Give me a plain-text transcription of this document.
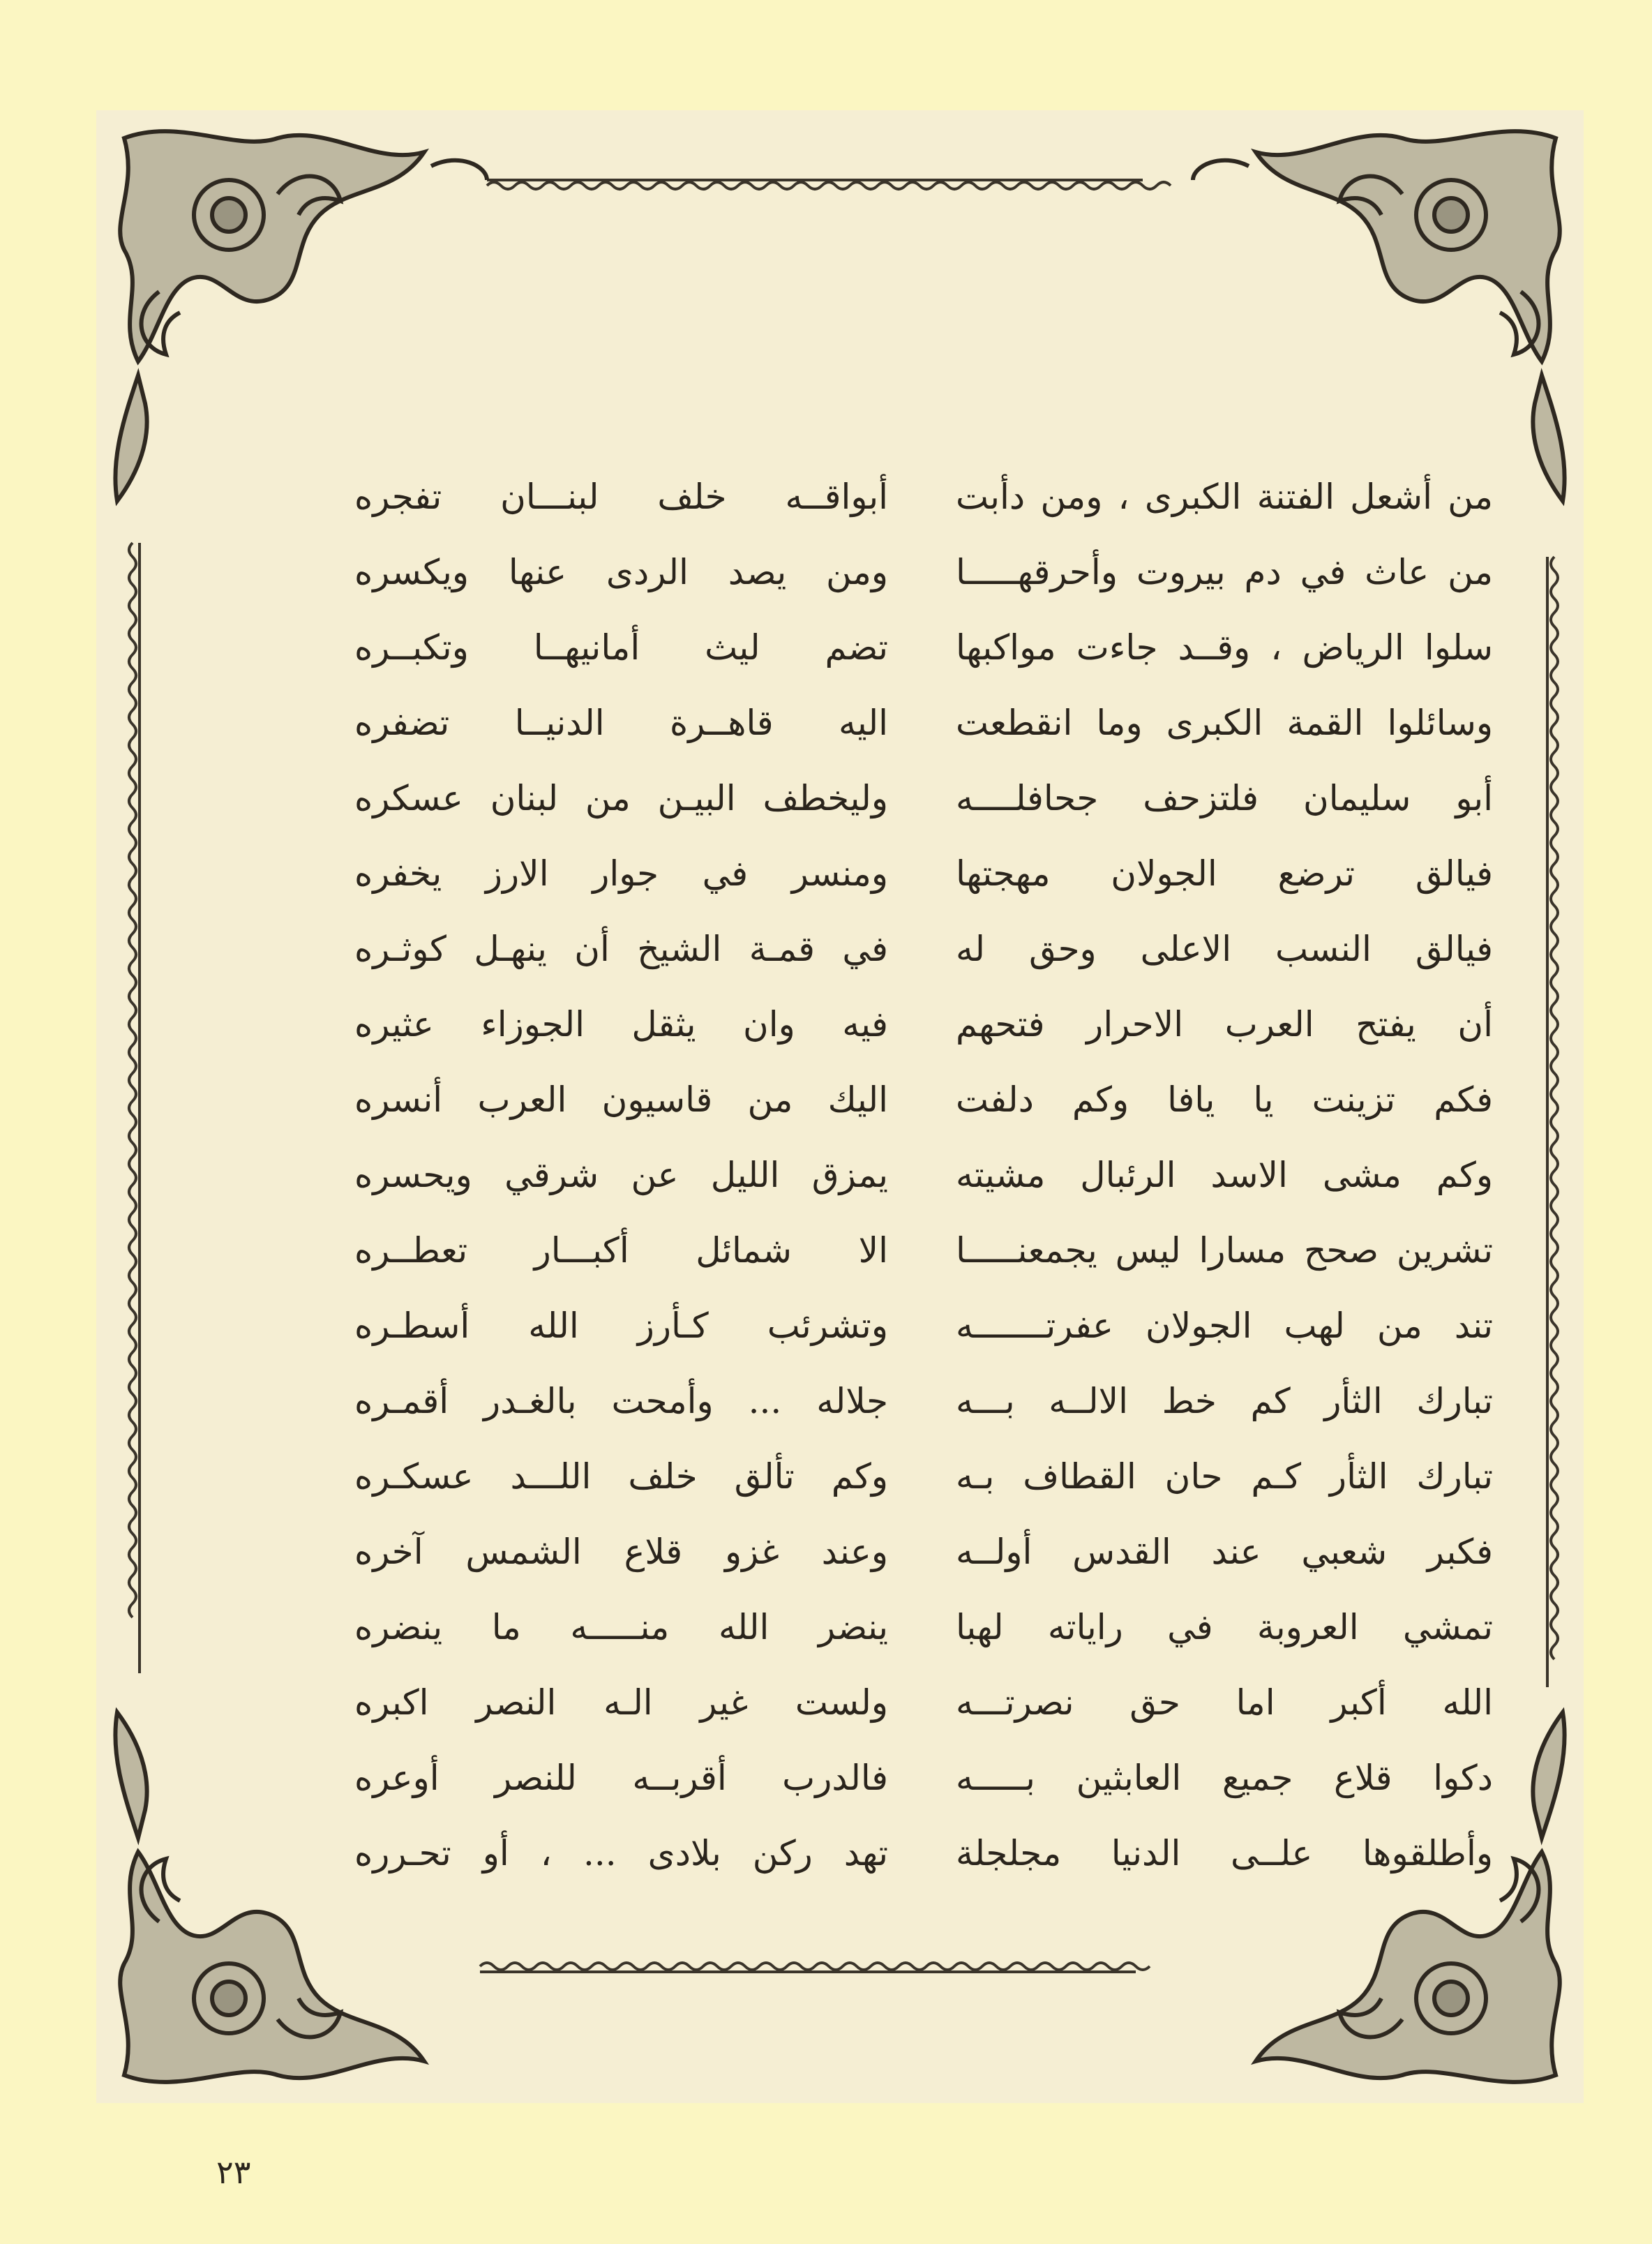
من أشعل الفتنة الكبرى ، ومن دأبت
من عاث في دم بيروت وأحرقهـــــا
سلوا الرياض ، وقــد جاءت مواكبها
وسائلوا القمة الكبرى وما انقطعت
أبو سليمان فلتزحف جحافلــــه
فيالق ترضع الجولان مهجتها
فيالق النسب الاعلى وحق له
أن يفتح العرب الاحرار فتحهم
فكم تزينت يا يافا وكم دلفت
وكم مشى الاسد الرئبال مشيته
تشرين صحح مسارا ليس يجمعنـــــا
تند من لهب الجولان عفرتـــــــه
تبارك الثأر كم خط الالــه بـــه
تبارك الثأر كـم حان القطاف بـه
فكبر شعبي عند القدس أولــه
تمشي العروبة في راياته لهبا
الله أكبر اما حق نصرتـــه
دكوا قلاع جميع العابثين بـــــه
وأطلقوها علــى الدنيا مجلجلة
أبواقــه خلف لبنـــان تفجره
ومن يصد الردى عنها ويكسره
تضم ليث أمانيهــا وتكبــره
اليه قاهــرة الدنيــا تضفره
وليخطف البيـن من لبنان عسكره
ومنسر في جوار الارز يخفره
في قمـة الشيخ أن ينهـل كوثـره
فيه وان يثقل الجوزاء عثيره
اليك من قاسيون العرب أنسره
يمزق الليل عن شرقي ويحسره
الا شمائل أكبـــار تعطــره
وتشرئب كـأرز الله أسطـره
جلاله ... وأمحت بالغـدر أقمـره
وكم تألق خلف اللـــد عسكـره
وعند غزو قلاع الشمس آخره
ينضر الله منـــــه ما ينضره
ولست غير الـه النصر اكبره
فالدرب أقربــه للنصر أوعره
تهد ركن بلادى ... ، أو تحـرره
٢٣
